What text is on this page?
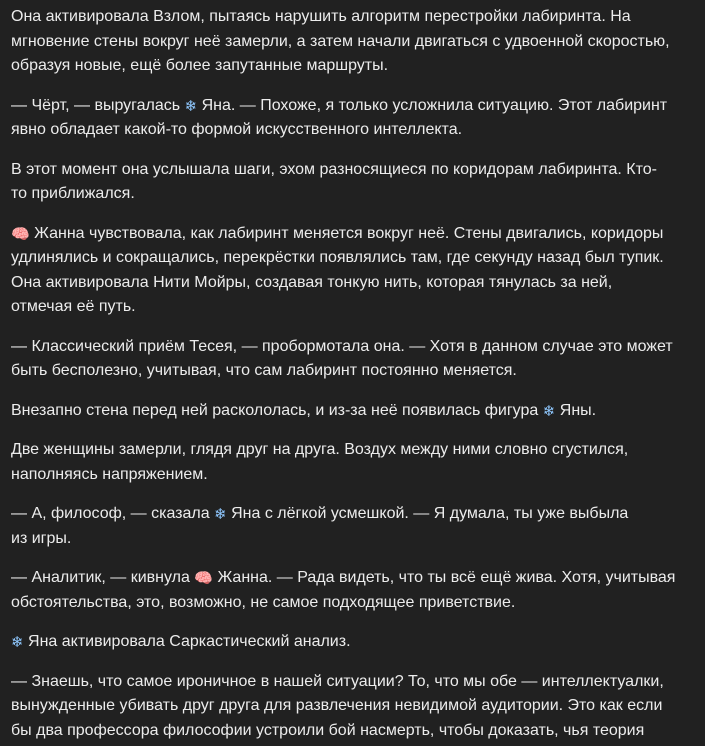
Она активировала Взлом, пытаясь нарушить алгоритм перестройки лабиринта. На
мгновение стены вокруг неё замерли, а затем начали двигаться с удвоенной скоростью,
образуя новые, ещё более запутанные маршруты.

— Чёрт, — выругалась ❄ Яна. — Похоже, я только усложнила ситуацию. Этот лабиринт
явно обладает какой-то формой искусственного интеллекта.

В этот момент она услышала шаги, эхом разносящиеся по коридорам лабиринта. Кто-
то приближался.

🧠 Жанна чувствовала, как лабиринт меняется вокруг неё. Стены двигались, коридоры
удлинялись и сокращались, перекрёстки появлялись там, где секунду назад был тупик.
Она активировала Нити Мойры, создавая тонкую нить, которая тянулась за ней,
отмечая её путь.

— Классический приём Тесея, — пробормотала она. — Хотя в данном случае это может
быть бесполезно, учитывая, что сам лабиринт постоянно меняется.

Внезапно стена перед ней раскололась, и из-за неё появилась фигура ❄ Яны.

Две женщины замерли, глядя друг на друга. Воздух между ними словно сгустился,
наполняясь напряжением.

— А, философ, — сказала ❄ Яна с лёгкой усмешкой. — Я думала, ты уже выбыла
из игры.

— Аналитик, — кивнула 🧠 Жанна. — Рада видеть, что ты всё ещё жива. Хотя, учитывая
обстоятельства, это, возможно, не самое подходящее приветствие.

❄ Яна активировала Саркастический анализ.

— Знаешь, что самое ироничное в нашей ситуации? То, что мы обе — интеллектуалки,
вынужденные убивать друг друга для развлечения невидимой аудитории. Это как если
бы два профессора философии устроили бой насмерть, чтобы доказать, чья теория
